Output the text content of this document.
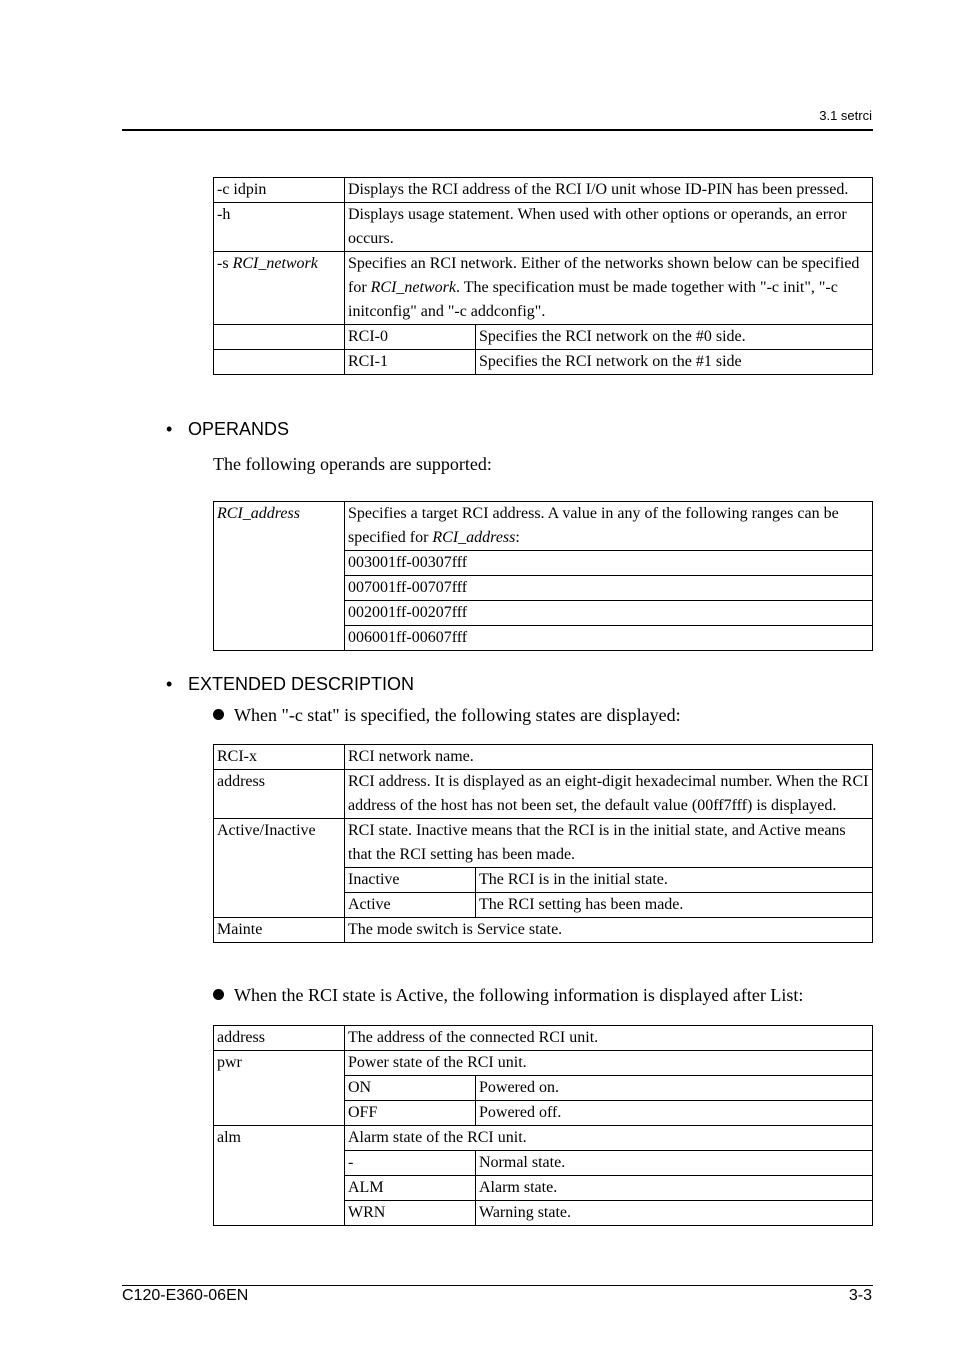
3.1 setrci
-c idpin	Displays the RCI address of the RCI I/O unit whose ID-PIN has been pressed.	
-h	Displays usage statement. When used with other options or operands, an error occurs.	
-s RCI_network	Specifies an RCI network. Either of the networks shown below can be specified for RCI_network. The specification must be made together with "-c init", "-c initconfig" and "-c addconfig".	
	RCI-0	Specifies the RCI network on the #0 side.
	RCI-1	Specifies the RCI network on the #1 side
• OPERANDS
The following operands are supported:
RCI_address	Specifies a target RCI address. A value in any of the following ranges can be specified for RCI_address:
003001ff-00307fff
007001ff-00707fff
002001ff-00207fff
006001ff-00607fff
• EXTENDED DESCRIPTION
When "-c stat" is specified, the following states are displayed:
RCI-x	RCI network name.	
address	RCI address. It is displayed as an eight-digit hexadecimal number. When the RCI address of the host has not been set, the default value (00ff7fff) is displayed.	
Active/Inactive	RCI state. Inactive means that the RCI is in the initial state, and Active means that the RCI setting has been made.	
	Inactive	The RCI is in the initial state.
	Active	The RCI setting has been made.
Mainte	The mode switch is Service state.	
When the RCI state is Active, the following information is displayed after List:
address	The address of the connected RCI unit.	
pwr	Power state of the RCI unit.	
	ON	Powered on.
	OFF	Powered off.
alm	Alarm state of the RCI unit.	
	-	Normal state.
	ALM	Alarm state.
	WRN	Warning state.
C120-E360-06EN	3-3
